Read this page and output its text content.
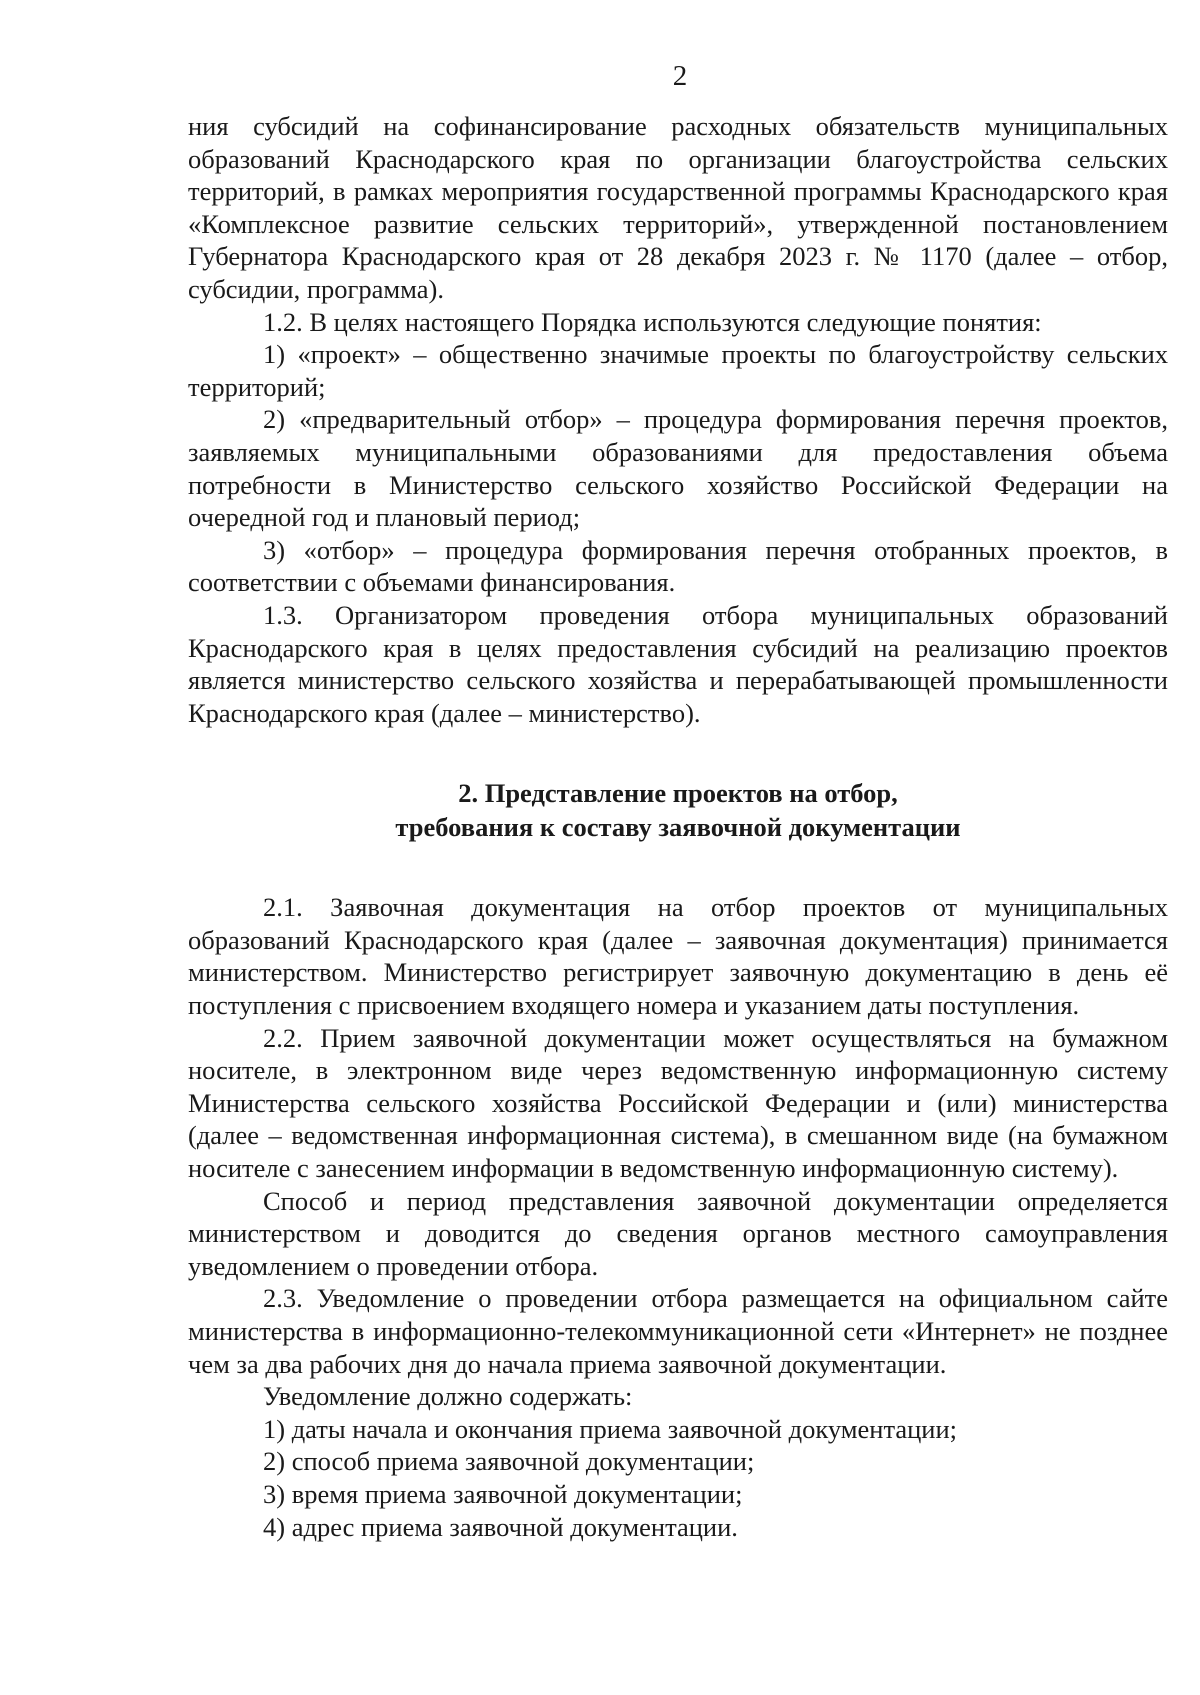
2

ния субсидий на софинансирование расходных обязательств муниципальных образований Краснодарского края по организации благоустройства сельских территорий, в рамках мероприятия государственной программы Краснодарского края «Комплексное развитие сельских территорий», утвержденной постановлением Губернатора Краснодарского края от 28 декабря 2023 г. № 1170 (далее – отбор, субсидии, программа).

1.2. В целях настоящего Порядка используются следующие понятия:

1) «проект» – общественно значимые проекты по благоустройству сельских территорий;

2) «предварительный отбор» – процедура формирования перечня проектов, заявляемых муниципальными образованиями для предоставления объема потребности в Министерство сельского хозяйство Российской Федерации на очередной год и плановый период;

3) «отбор» – процедура формирования перечня отобранных проектов, в соответствии с объемами финансирования.

1.3. Организатором проведения отбора муниципальных образований Краснодарского края в целях предоставления субсидий на реализацию проектов является министерство сельского хозяйства и перерабатывающей промышленности Краснодарского края (далее – министерство).

2. Представление проектов на отбор,
требования к составу заявочной документации

2.1. Заявочная документация на отбор проектов от муниципальных образований Краснодарского края (далее – заявочная документация) принимается министерством. Министерство регистрирует заявочную документацию в день её поступления с присвоением входящего номера и указанием даты поступления.

2.2. Прием заявочной документации может осуществляться на бумажном носителе, в электронном виде через ведомственную информационную систему Министерства сельского хозяйства Российской Федерации и (или) министерства (далее – ведомственная информационная система), в смешанном виде (на бумажном носителе с занесением информации в ведомственную информационную систему).

Способ и период представления заявочной документации определяется министерством и доводится до сведения органов местного самоуправления уведомлением о проведении отбора.

2.3. Уведомление о проведении отбора размещается на официальном сайте министерства в информационно-телекоммуникационной сети «Интернет» не позднее чем за два рабочих дня до начала приема заявочной документации.

Уведомление должно содержать:

1) даты начала и окончания приема заявочной документации;

2) способ приема заявочной документации;

3) время приема заявочной документации;

4) адрес приема заявочной документации.
